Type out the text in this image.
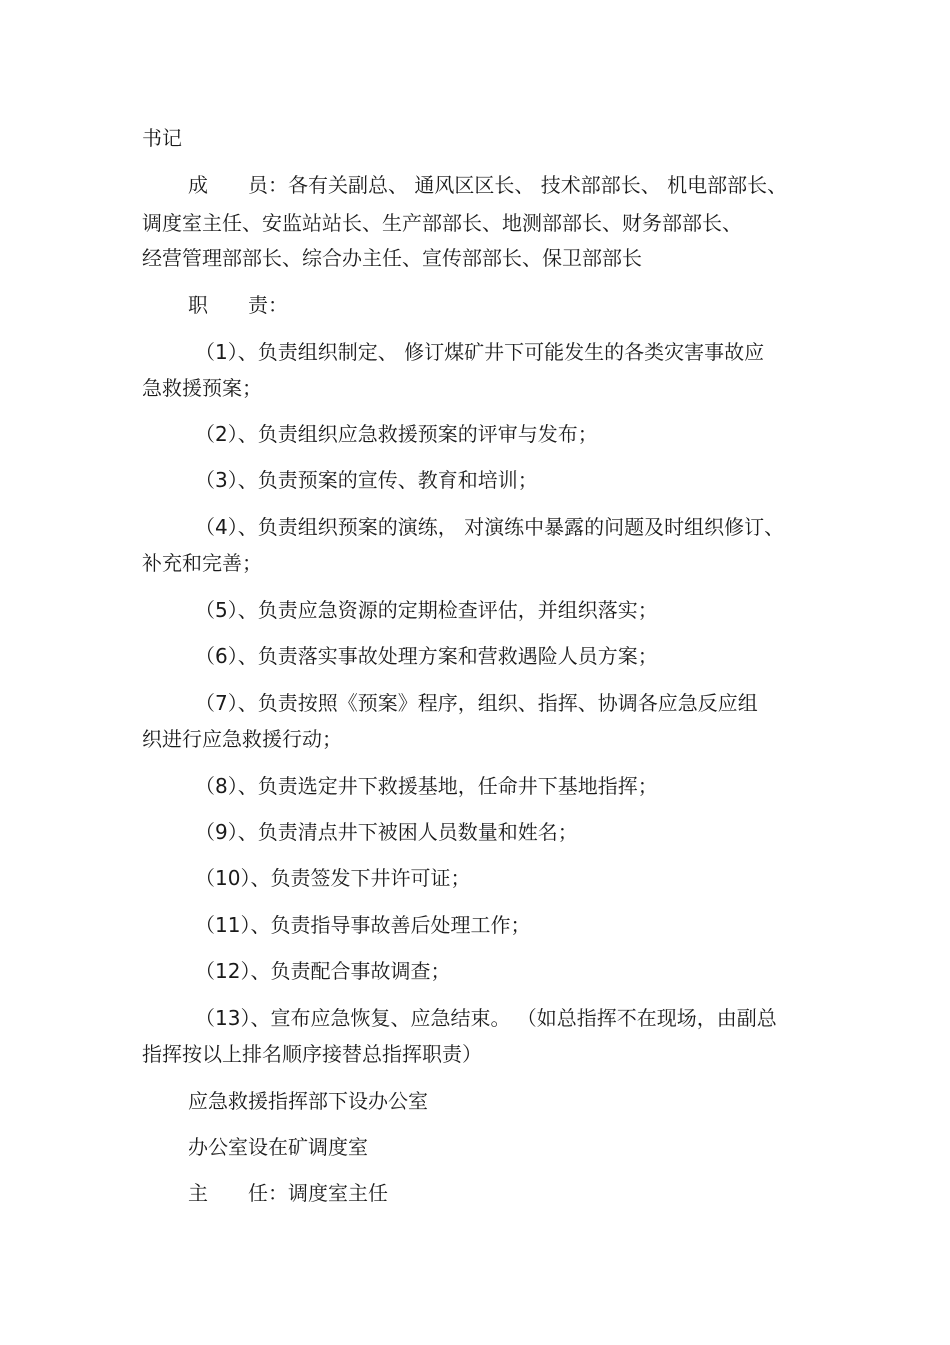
书记
成　　员：各有关副总、 通风区区长、 技术部部长、 机电部部长、
调度室主任、安监站站长、生产部部长、地测部部长、财务部部长、
经营管理部部长、综合办主任、宣传部部长、保卫部部长
职　　责：
（1）、负责组织制定、 修订煤矿井下可能发生的各类灾害事故应
急救援预案；
（2）、负责组织应急救援预案的评审与发布；
（3）、负责预案的宣传、教育和培训；
（4）、负责组织预案的演练， 对演练中暴露的问题及时组织修订、
补充和完善；
（5）、负责应急资源的定期检查评估，并组织落实；
（6）、负责落实事故处理方案和营救遇险人员方案；
（7）、负责按照《预案》程序，组织、指挥、协调各应急反应组
织进行应急救援行动；
（8）、负责选定井下救援基地，任命井下基地指挥；
（9）、负责清点井下被困人员数量和姓名；
（10）、负责签发下井许可证；
（11）、负责指导事故善后处理工作；
（12）、负责配合事故调查；
（13）、宣布应急恢复、应急结束。 （如总指挥不在现场，由副总
指挥按以上排名顺序接替总指挥职责）
应急救援指挥部下设办公室
办公室设在矿调度室
主　　任：调度室主任
